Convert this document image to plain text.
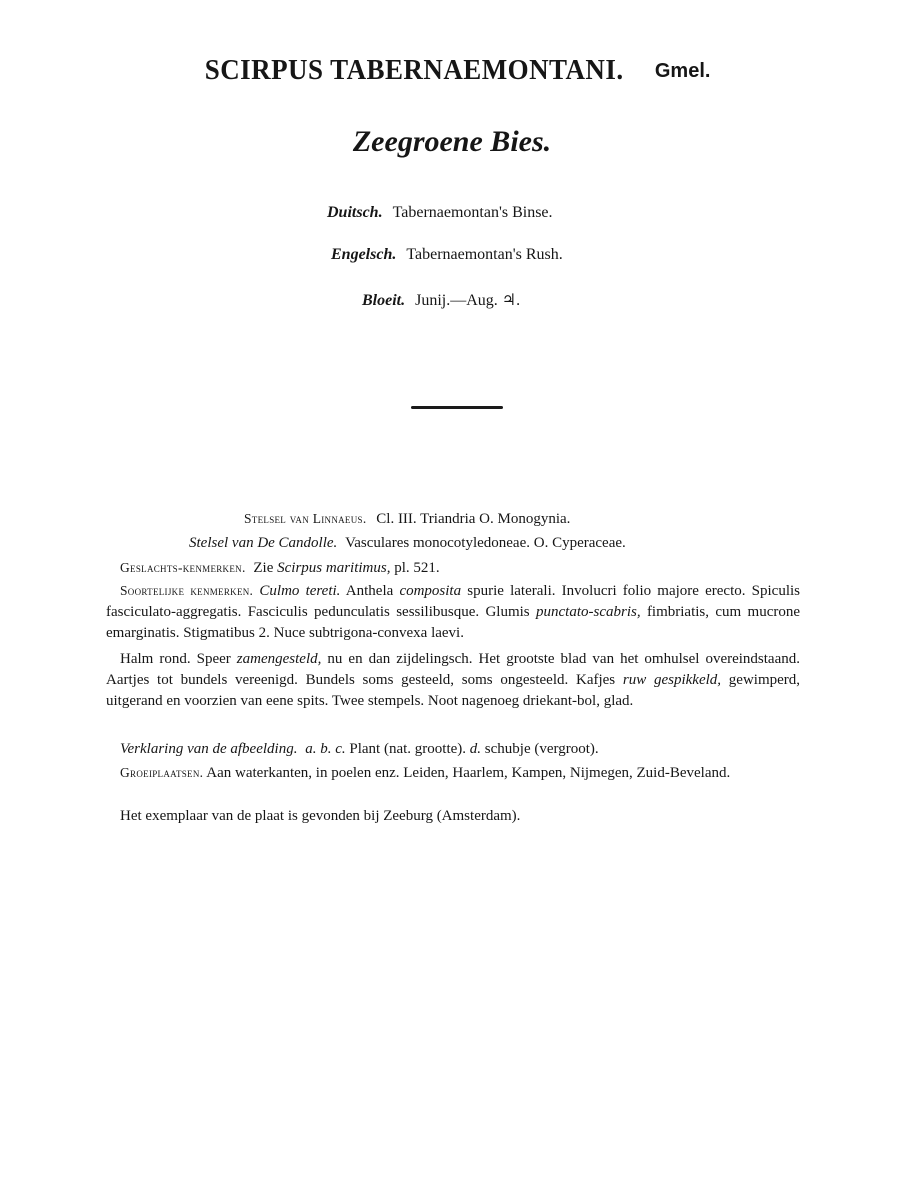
SCIRPUS TABERNAEMONTANI. Gmel.
Zeegroene Bies.
Duitsch. Tabernaemontan's Binse.
Engelsch. Tabernaemontan's Rush.
Bloeit. Junij.—Aug. ♃.
Stelsel van Linnaeus. Cl. III. Triandria O. Monogynia.
Stelsel van De Candolle. Vasculares monocotyledoneae. O. Cyperaceae.
Geslachts-kenmerken. Zie Scirpus maritimus, pl. 521.
Soortelijke kenmerken. Culmo tereti. Anthela composita spurie laterali. Involucri folio majore erecto. Spiculis fasciculato-aggregatis. Fasciculis pedunculatis sessilibusque. Glumis punctato-scabris, fimbriatis, cum mucrone emarginatis. Stigmatibus 2. Nuce subtrigona-convexa laevi.
Halm rond. Speer zamengesteld, nu en dan zijdelingsch. Het grootste blad van het omhulsel overeindstaand. Aartjes tot bundels vereenigd. Bundels soms gesteeld, soms ongesteeld. Kafjes ruw gespikkeld, gewimperd, uitgerand en voorzien van eene spits. Twee stempels. Noot nagenoeg driekant-bol, glad.
Verklaring van de afbeelding. a. b. c. Plant (nat. grootte). d. schubje (vergroot).
Groeiplaatsen. Aan waterkanten, in poelen enz. Leiden, Haarlem, Kampen, Nijmegen, Zuid-Beveland.
Het exemplaar van de plaat is gevonden bij Zeeburg (Amsterdam).
